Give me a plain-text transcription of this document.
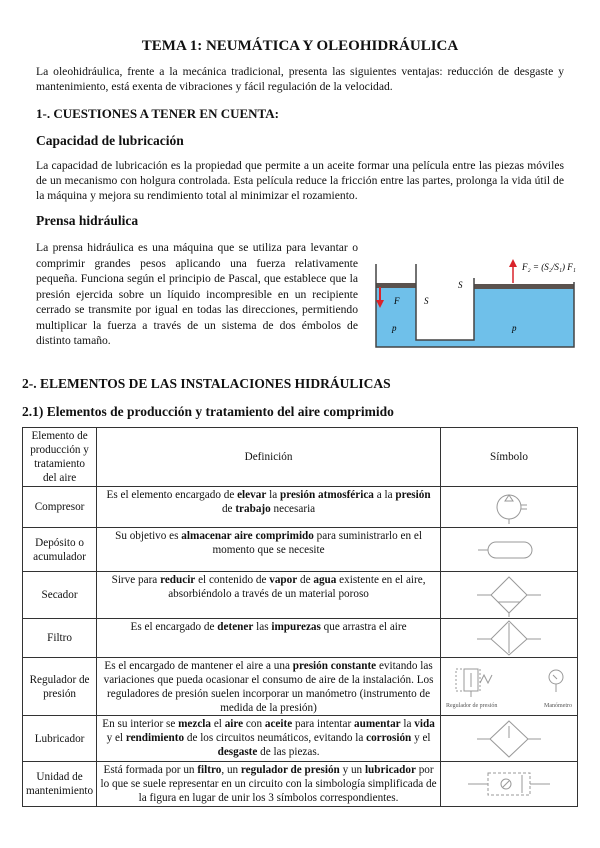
TEMA 1: NEUMÁTICA Y OLEOHIDRÁULICA
La oleohidráulica, frente a la mecánica tradicional, presenta las siguientes ventajas: reducción de desgaste y mantenimiento, está exenta de vibraciones y fácil regulación de la velocidad.
1-. CUESTIONES A TENER EN CUENTA:
Capacidad de lubricación
La capacidad de lubricación es la propiedad que permite a un aceite formar una película entre las piezas móviles de un mecanismo con holgura controlada. Esta película reduce la fricción entre las partes, prolonga la vida útil de la máquina y mejora su rendimiento total al minimizar el rozamiento.
Prensa hidráulica
La prensa hidráulica es una máquina que se utiliza para levantar o comprimir grandes pesos aplicando una fuerza relativamente pequeña. Funciona según el principio de Pascal, que establece que la presión ejercida sobre un líquido incompresible en un recipiente cerrado se transmite por igual en todas las direcciones, permitiendo multiplicar la fuerza a través de un sistema de dos émbolos de distinto tamaño.
F	S
S
p	p
F₂ = (S₂/S₁) F₁
2-. ELEMENTOS DE LAS INSTALACIONES HIDRÁULICAS
2.1) Elementos de producción y tratamiento del aire comprimido
Elemento de producción y tratamiento del aire	Definición	Símbolo
Compresor	Es el elemento encargado de elevar la presión atmosférica a la presión de trabajo necesaria	

Depósito o acumulador	Su objetivo es almacenar aire comprimido para suministrarlo en el momento que se necesite	

Secador	Sirve para reducir el contenido de vapor de agua existente en el aire, absorbiéndolo a través de un material poroso	

Filtro	Es el encargado de detener las impurezas que arrastra el aire	

Regulador de presión	Es el encargado de mantener el aire a una presión constante evitando las variaciones que pueda ocasionar el consumo de aire de la instalación. Los reguladores de presión suelen incorporar un manómetro (instrumento de medida de la presión)	Regulador de presión Manómetro

Lubricador	En su interior se mezcla el aire con aceite para intentar aumentar la vida y el rendimiento de los circuitos neumáticos, evitando la corrosión y el desgaste de las piezas.	

Unidad de mantenimiento	Está formada por un filtro, un regulador de presión y un lubricador por lo que se suele representar en un circuito con la simbología simplificada de la figura en lugar de unir los 3 símbolos correspondientes.	
